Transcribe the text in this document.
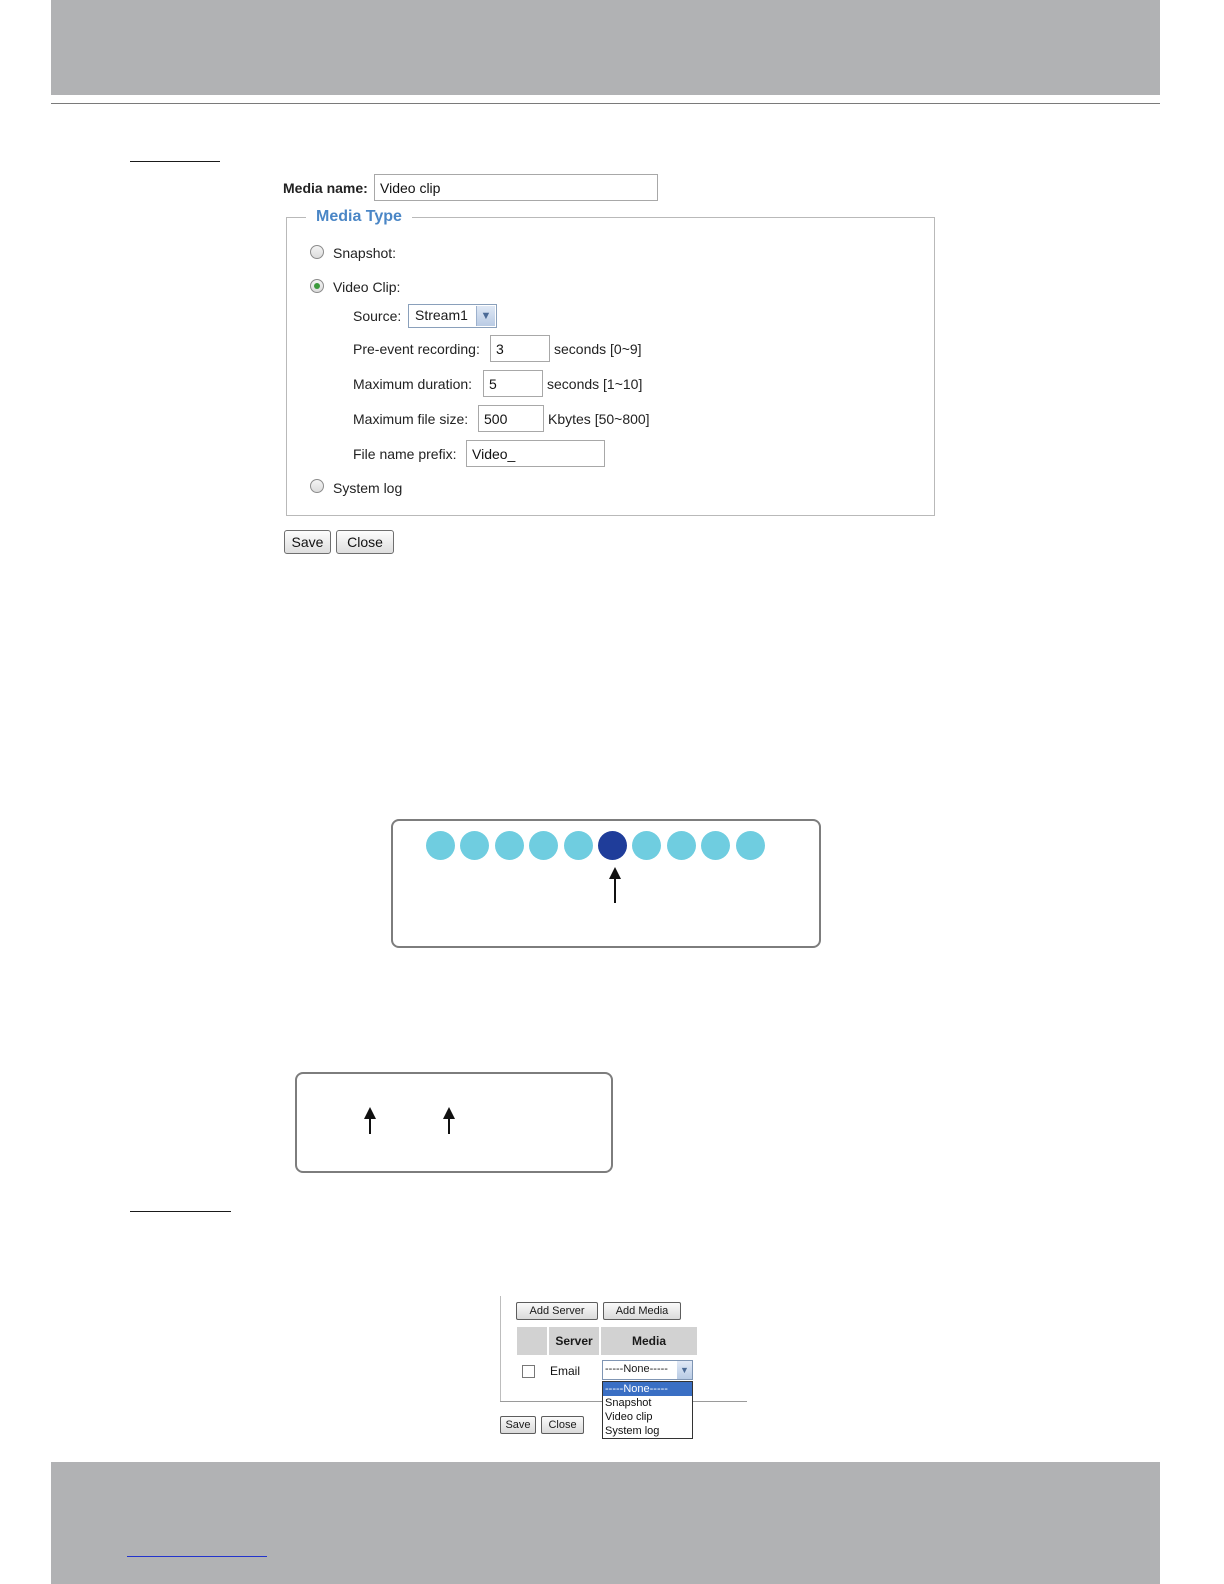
Media name:
Video clip
Media Type
Snapshot:
Video Clip:
Source: Stream1	▼
Pre-event recording:
3	seconds [0~9]
Maximum duration:
5	seconds [1~10]
Maximum file size:
500	Kbytes [50~800]
File name prefix:
Video_
System log
Save	Close
Add Server	Add Media
Server	Media
Email -----None-----	▼
-----None-----
Snapshot
Video clip
System log
Save	Close
